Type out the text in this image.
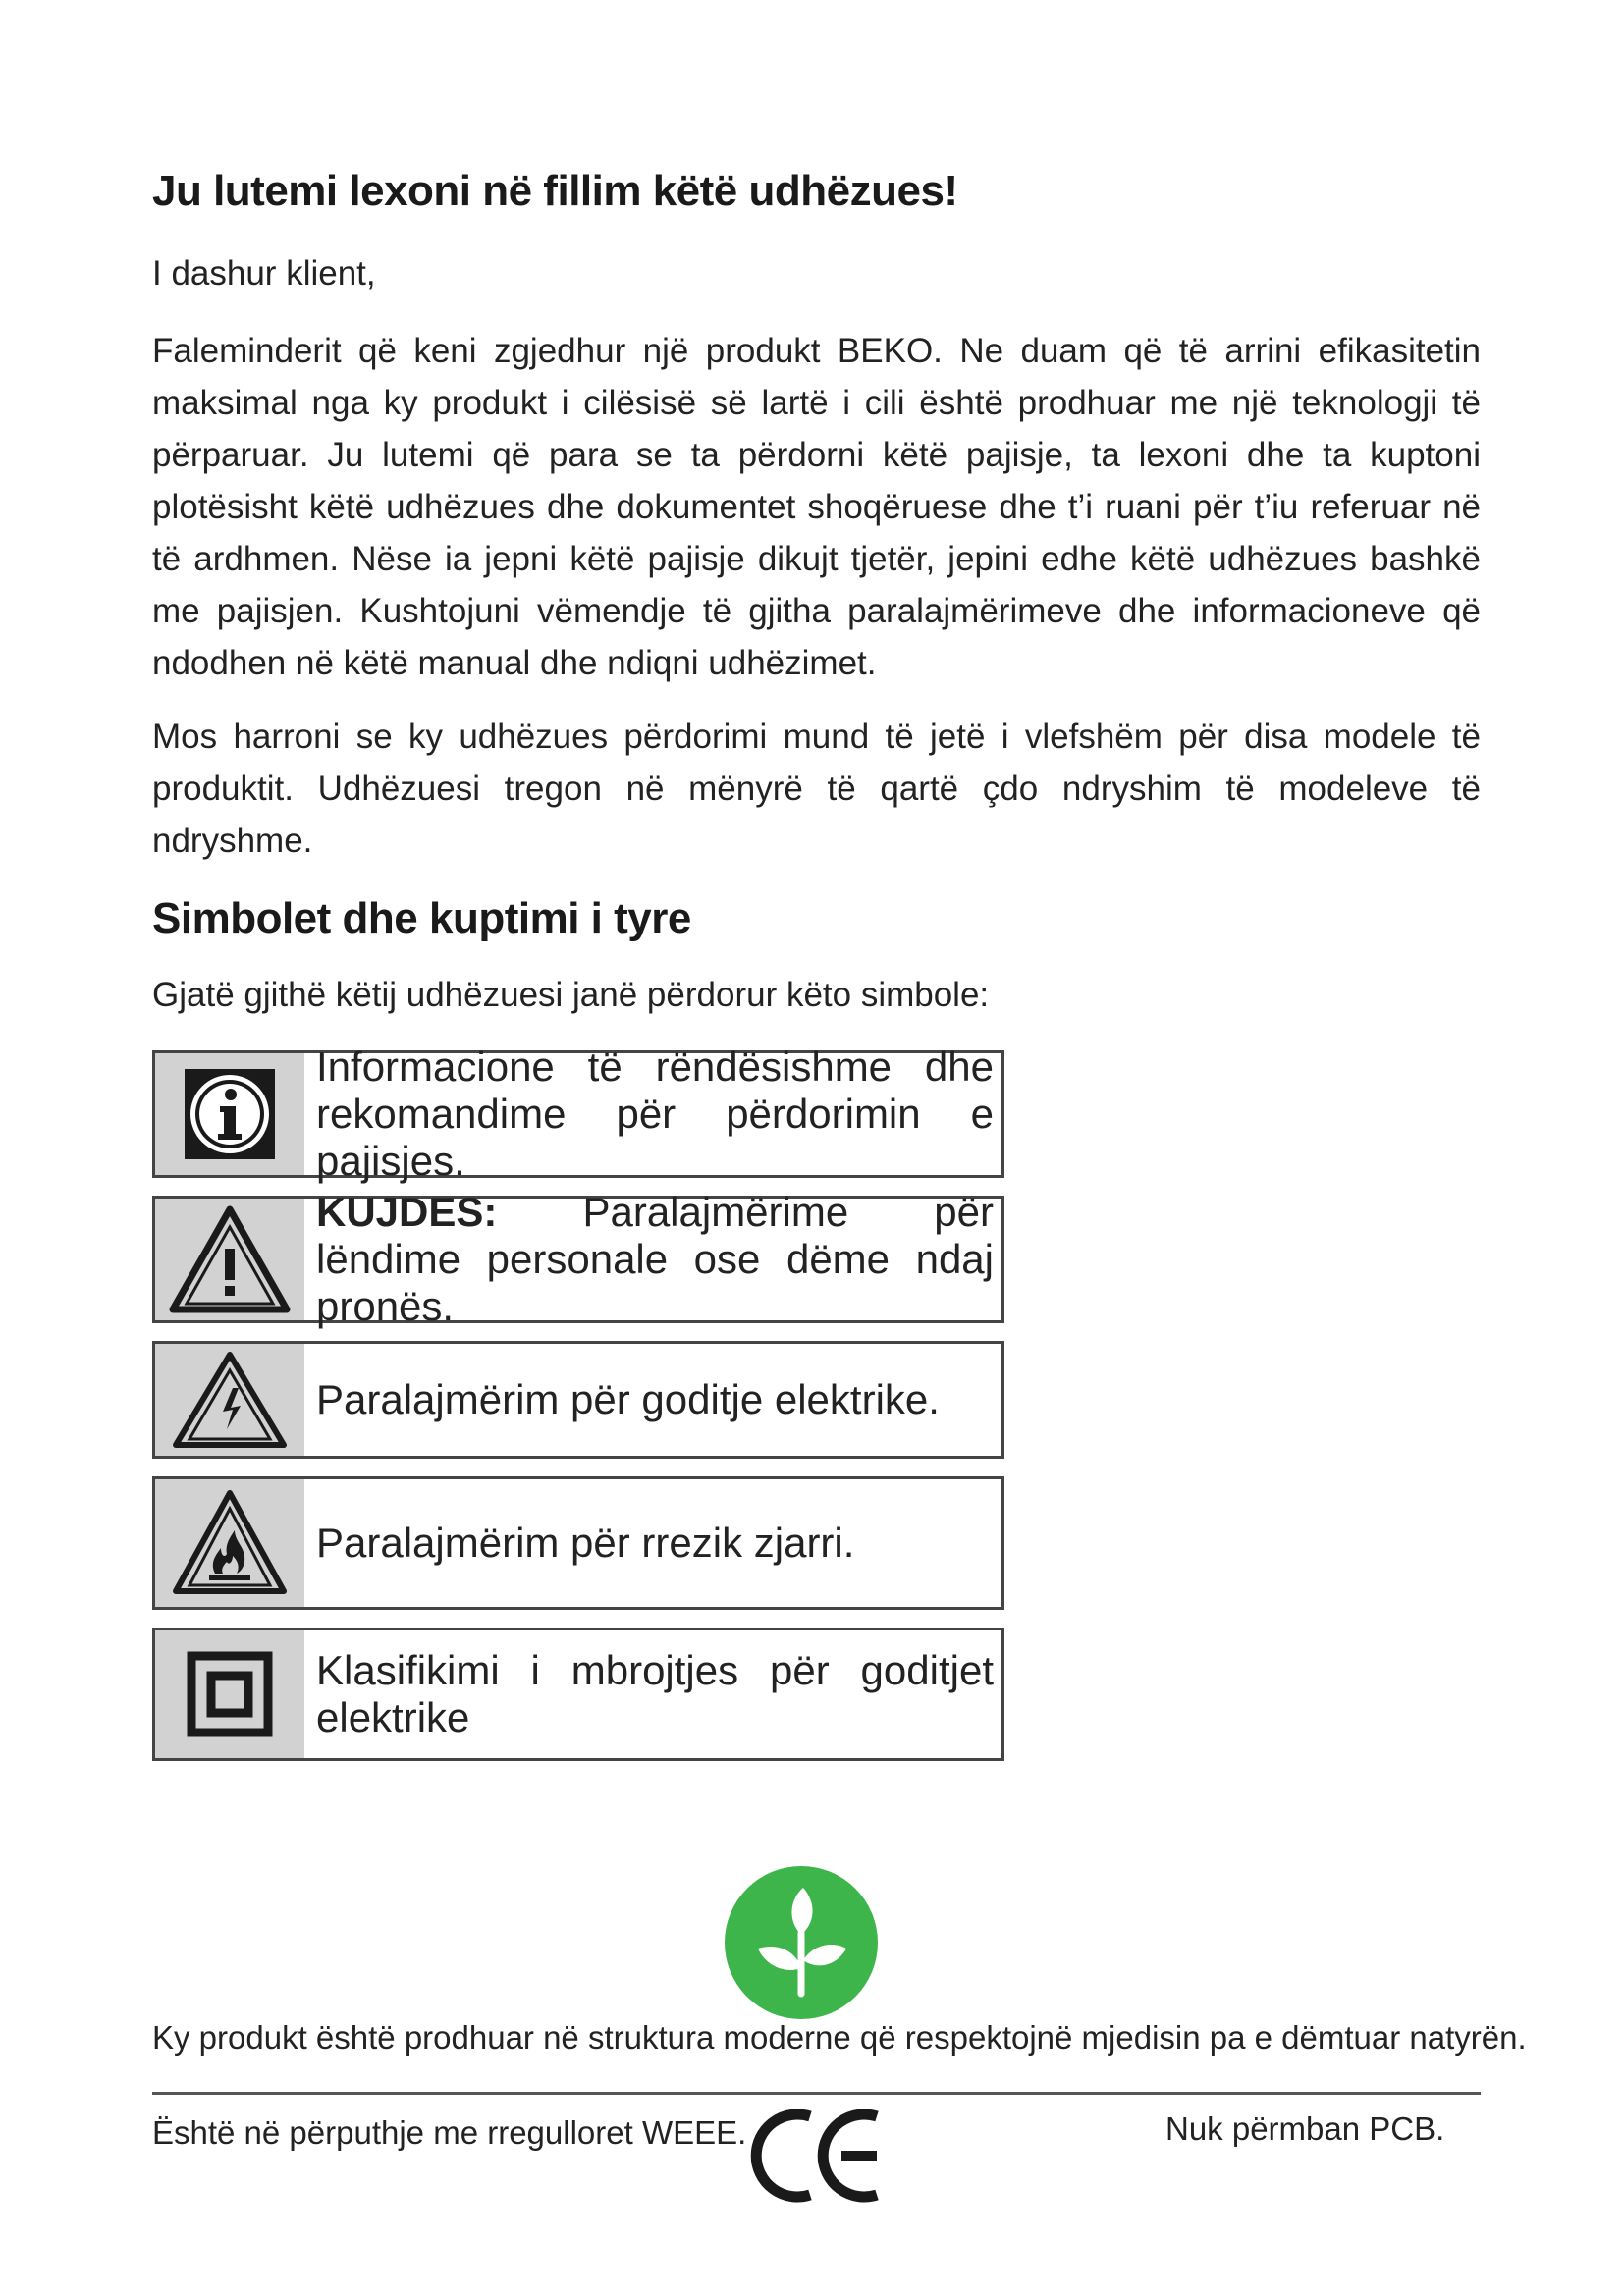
Ju lutemi lexoni në fillim këtë udhëzues!

I dashur klient,

Faleminderit që keni zgjedhur një produkt BEKO. Ne duam që të arrini efikasitetin maksimal nga ky produkt i cilësisë së lartë i cili është prodhuar me një teknologji të përparuar. Ju lutemi që para se ta përdorni këtë pajisje, ta lexoni dhe ta kuptoni plotësisht këtë udhëzues dhe dokumentet shoqëruese dhe t’i ruani për t’iu referuar në të ardhmen. Nëse ia jepni këtë pajisje dikujt tjetër, jepini edhe këtë udhëzues bashkë me pajisjen. Kushtojuni vëmendje të gjitha paralajmërimeve dhe informacioneve që ndodhen në këtë manual dhe ndiqni udhëzimet.

Mos harroni se ky udhëzues përdorimi mund të jetë i vlefshëm për disa modele të produktit. Udhëzuesi tregon në mënyrë të qartë çdo ndryshim të modeleve të ndryshme.

Simbolet dhe kuptimi i tyre

Gjatë gjithë këtij udhëzuesi janë përdorur këto simbole:

Informacione të rëndësishme dhe rekomandime për përdorimin e pajisjes.
KUJDES: Paralajmërime për lëndime personale ose dëme ndaj pronës.
Paralajmërim për goditje elektrike.
Paralajmërim për rrezik zjarri.
Klasifikimi i mbrojtjes për goditjet elektrike
Ky produkt është prodhuar në struktura moderne që respektojnë mjedisin pa e dëmtuar natyrën.
Është në përputhje me rregulloret WEEE.	Nuk përmban PCB.
